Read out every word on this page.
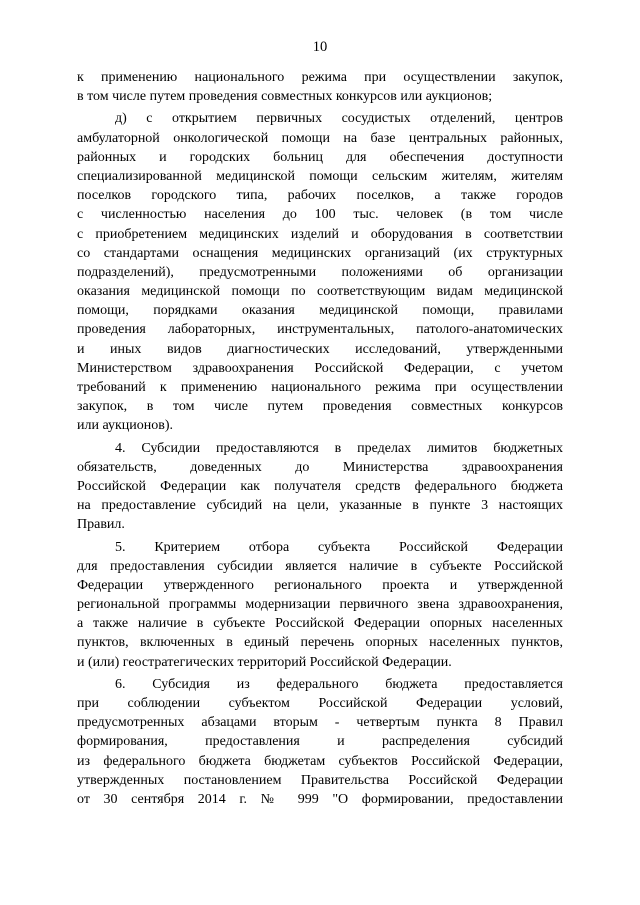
10
к применению национального режима при осуществлении закупок,
в том числе путем проведения совместных конкурсов или аукционов;
д) с открытием первичных сосудистых отделений, центров
амбулаторной онкологической помощи на базе центральных районных,
районных и городских больниц для обеспечения доступности
специализированной медицинской помощи сельским жителям, жителям
поселков городского типа, рабочих поселков, а также городов
с численностью населения до 100 тыс. человек (в том числе
с приобретением медицинских изделий и оборудования в соответствии
со стандартами оснащения медицинских организаций (их структурных
подразделений), предусмотренными положениями об организации
оказания медицинской помощи по соответствующим видам медицинской
помощи, порядками оказания медицинской помощи, правилами
проведения лабораторных, инструментальных, патолого-анатомических
и иных видов диагностических исследований, утвержденными
Министерством здравоохранения Российской Федерации, с учетом
требований к применению национального режима при осуществлении
закупок, в том числе путем проведения совместных конкурсов
или аукционов).
4. Субсидии предоставляются в пределах лимитов бюджетных
обязательств, доведенных до Министерства здравоохранения
Российской Федерации как получателя средств федерального бюджета
на предоставление субсидий на цели, указанные в пункте 3 настоящих
Правил.
5. Критерием отбора субъекта Российской Федерации
для предоставления субсидии является наличие в субъекте Российской
Федерации утвержденного регионального проекта и утвержденной
региональной программы модернизации первичного звена здравоохранения,
а также наличие в субъекте Российской Федерации опорных населенных
пунктов, включенных в единый перечень опорных населенных пунктов,
и (или) геостратегических территорий Российской Федерации.
6. Субсидия из федерального бюджета предоставляется
при соблюдении субъектом Российской Федерации условий,
предусмотренных абзацами вторым - четвертым пункта 8 Правил
формирования, предоставления и распределения субсидий
из федерального бюджета бюджетам субъектов Российской Федерации,
утвержденных постановлением Правительства Российской Федерации
от 30 сентября 2014 г. № 999 "О формировании, предоставлении
